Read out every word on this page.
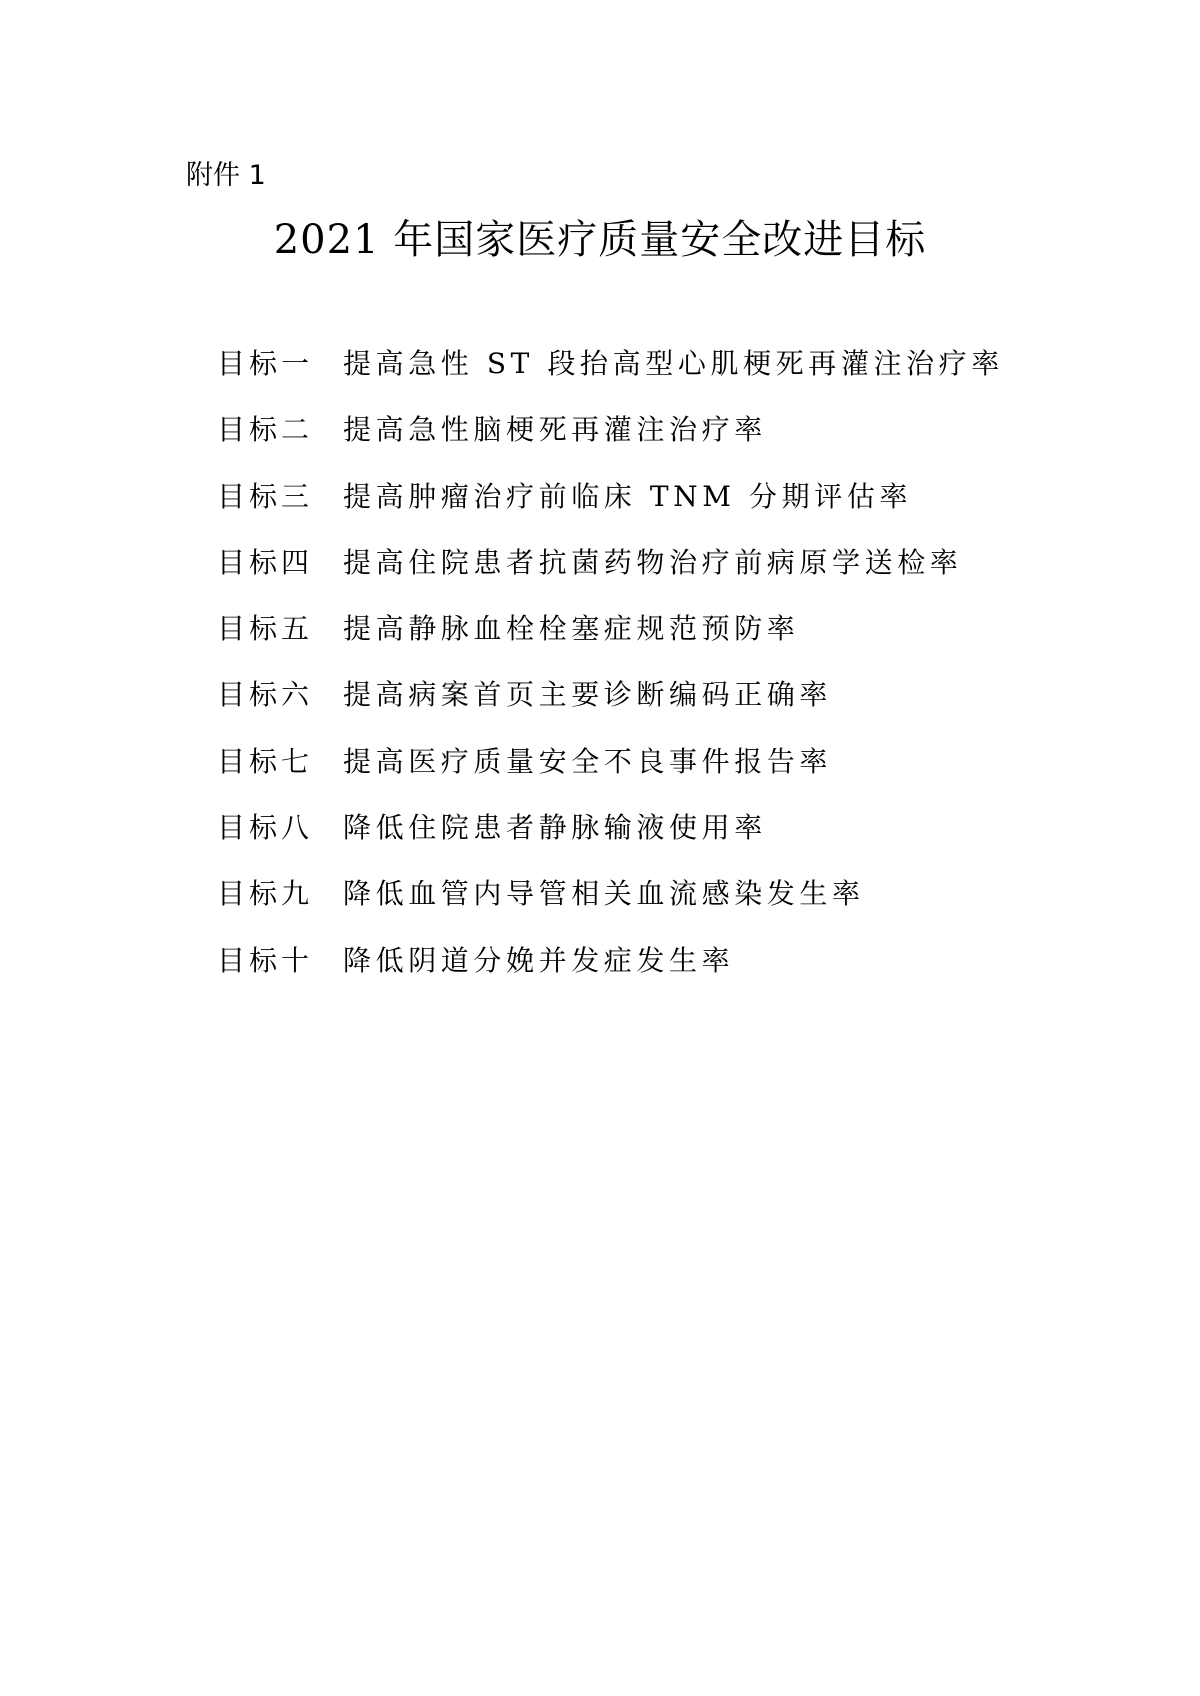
附件 1
2021 年国家医疗质量安全改进目标
目标一	提高急性 ST 段抬高型心肌梗死再灌注治疗率
目标二	提高急性脑梗死再灌注治疗率
目标三	提高肿瘤治疗前临床 TNM 分期评估率
目标四	提高住院患者抗菌药物治疗前病原学送检率
目标五	提高静脉血栓栓塞症规范预防率
目标六	提高病案首页主要诊断编码正确率
目标七	提高医疗质量安全不良事件报告率
目标八	降低住院患者静脉输液使用率
目标九	降低血管内导管相关血流感染发生率
目标十	降低阴道分娩并发症发生率
